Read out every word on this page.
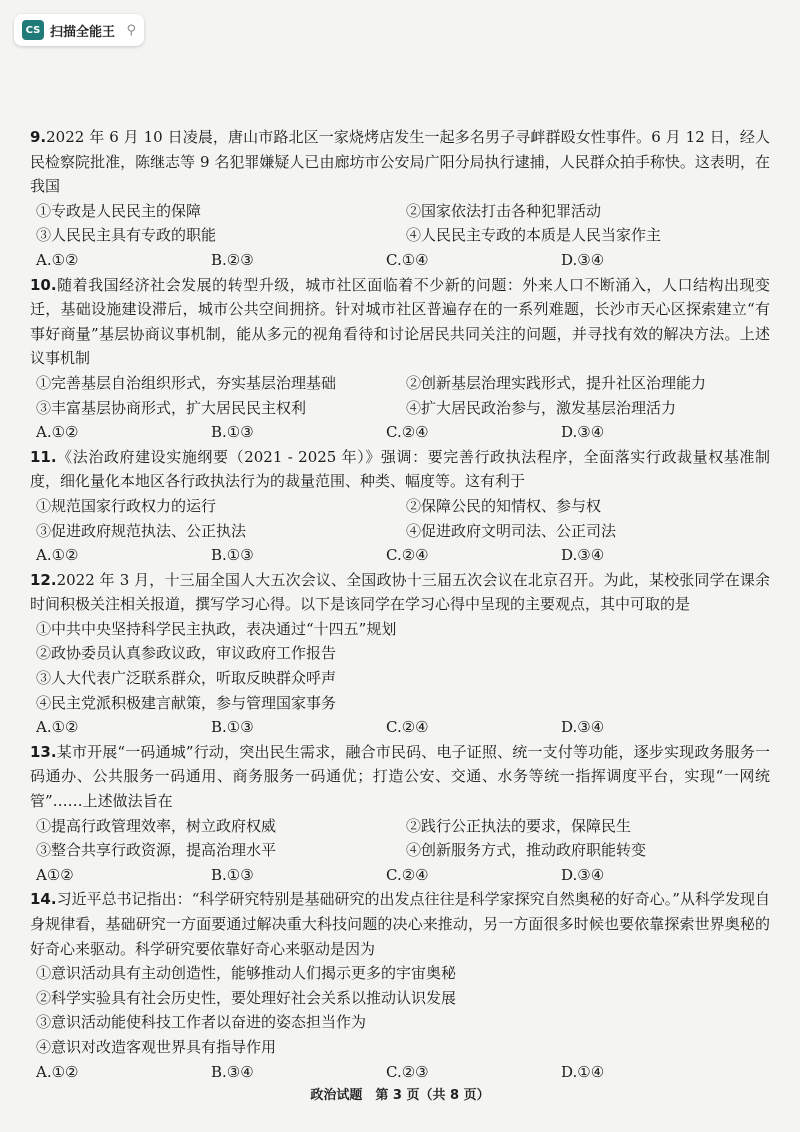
CS 扫描全能王 ⚲
9.2022 年 6 月 10 日凌晨，唐山市路北区一家烧烤店发生一起多名男子寻衅群殴女性事件。6 月 12 日，经人民检察院批准，陈继志等 9 名犯罪嫌疑人已由廊坊市公安局广阳分局执行逮捕，人民群众拍手称快。这表明，在我国
①专政是人民民主的保障	②国家依法打击各种犯罪活动
③人民民主具有专政的职能	④人民民主专政的本质是人民当家作主
A.①②	B.②③	C.①④	D.③④
10.随着我国经济社会发展的转型升级，城市社区面临着不少新的问题：外来人口不断涌入，人口结构出现变迁，基础设施建设滞后，城市公共空间拥挤。针对城市社区普遍存在的一系列难题，长沙市天心区探索建立“有事好商量”基层协商议事机制，能从多元的视角看待和讨论居民共同关注的问题，并寻找有效的解决方法。上述议事机制
①完善基层自治组织形式，夯实基层治理基础	②创新基层治理实践形式，提升社区治理能力
③丰富基层协商形式，扩大居民民主权利	④扩大居民政治参与，激发基层治理活力
A.①②	B.①③	C.②④	D.③④
11.《法治政府建设实施纲要（2021 - 2025 年）》强调：要完善行政执法程序，全面落实行政裁量权基准制度，细化量化本地区各行政执法行为的裁量范围、种类、幅度等。这有利于
①规范国家行政权力的运行	②保障公民的知情权、参与权
③促进政府规范执法、公正执法	④促进政府文明司法、公正司法
A.①②	B.①③	C.②④	D.③④
12.2022 年 3 月，十三届全国人大五次会议、全国政协十三届五次会议在北京召开。为此，某校张同学在课余时间积极关注相关报道，撰写学习心得。以下是该同学在学习心得中呈现的主要观点，其中可取的是
①中共中央坚持科学民主执政，表决通过“十四五”规划
②政协委员认真参政议政，审议政府工作报告
③人大代表广泛联系群众，听取反映群众呼声
④民主党派积极建言献策，参与管理国家事务
A.①②	B.①③	C.②④	D.③④
13.某市开展“一码通城”行动，突出民生需求，融合市民码、电子证照、统一支付等功能，逐步实现政务服务一码通办、公共服务一码通用、商务服务一码通优；打造公安、交通、水务等统一指挥调度平台，实现“一网统管”……上述做法旨在
①提高行政管理效率，树立政府权威	②践行公正执法的要求，保障民生
③整合共享行政资源，提高治理水平	④创新服务方式，推动政府职能转变
A①②	B.①③	C.②④	D.③④
14.习近平总书记指出：“科学研究特别是基础研究的出发点往往是科学家探究自然奥秘的好奇心。”从科学发现自身规律看，基础研究一方面要通过解决重大科技问题的决心来推动，另一方面很多时候也要依靠探索世界奥秘的好奇心来驱动。科学研究要依靠好奇心来驱动是因为
①意识活动具有主动创造性，能够推动人们揭示更多的宇宙奥秘
②科学实验具有社会历史性，要处理好社会关系以推动认识发展
③意识活动能使科技工作者以奋进的姿态担当作为
④意识对改造客观世界具有指导作用
A.①②	B.③④	C.②③	D.①④
政治试题　第 3 页（共 8 页）
